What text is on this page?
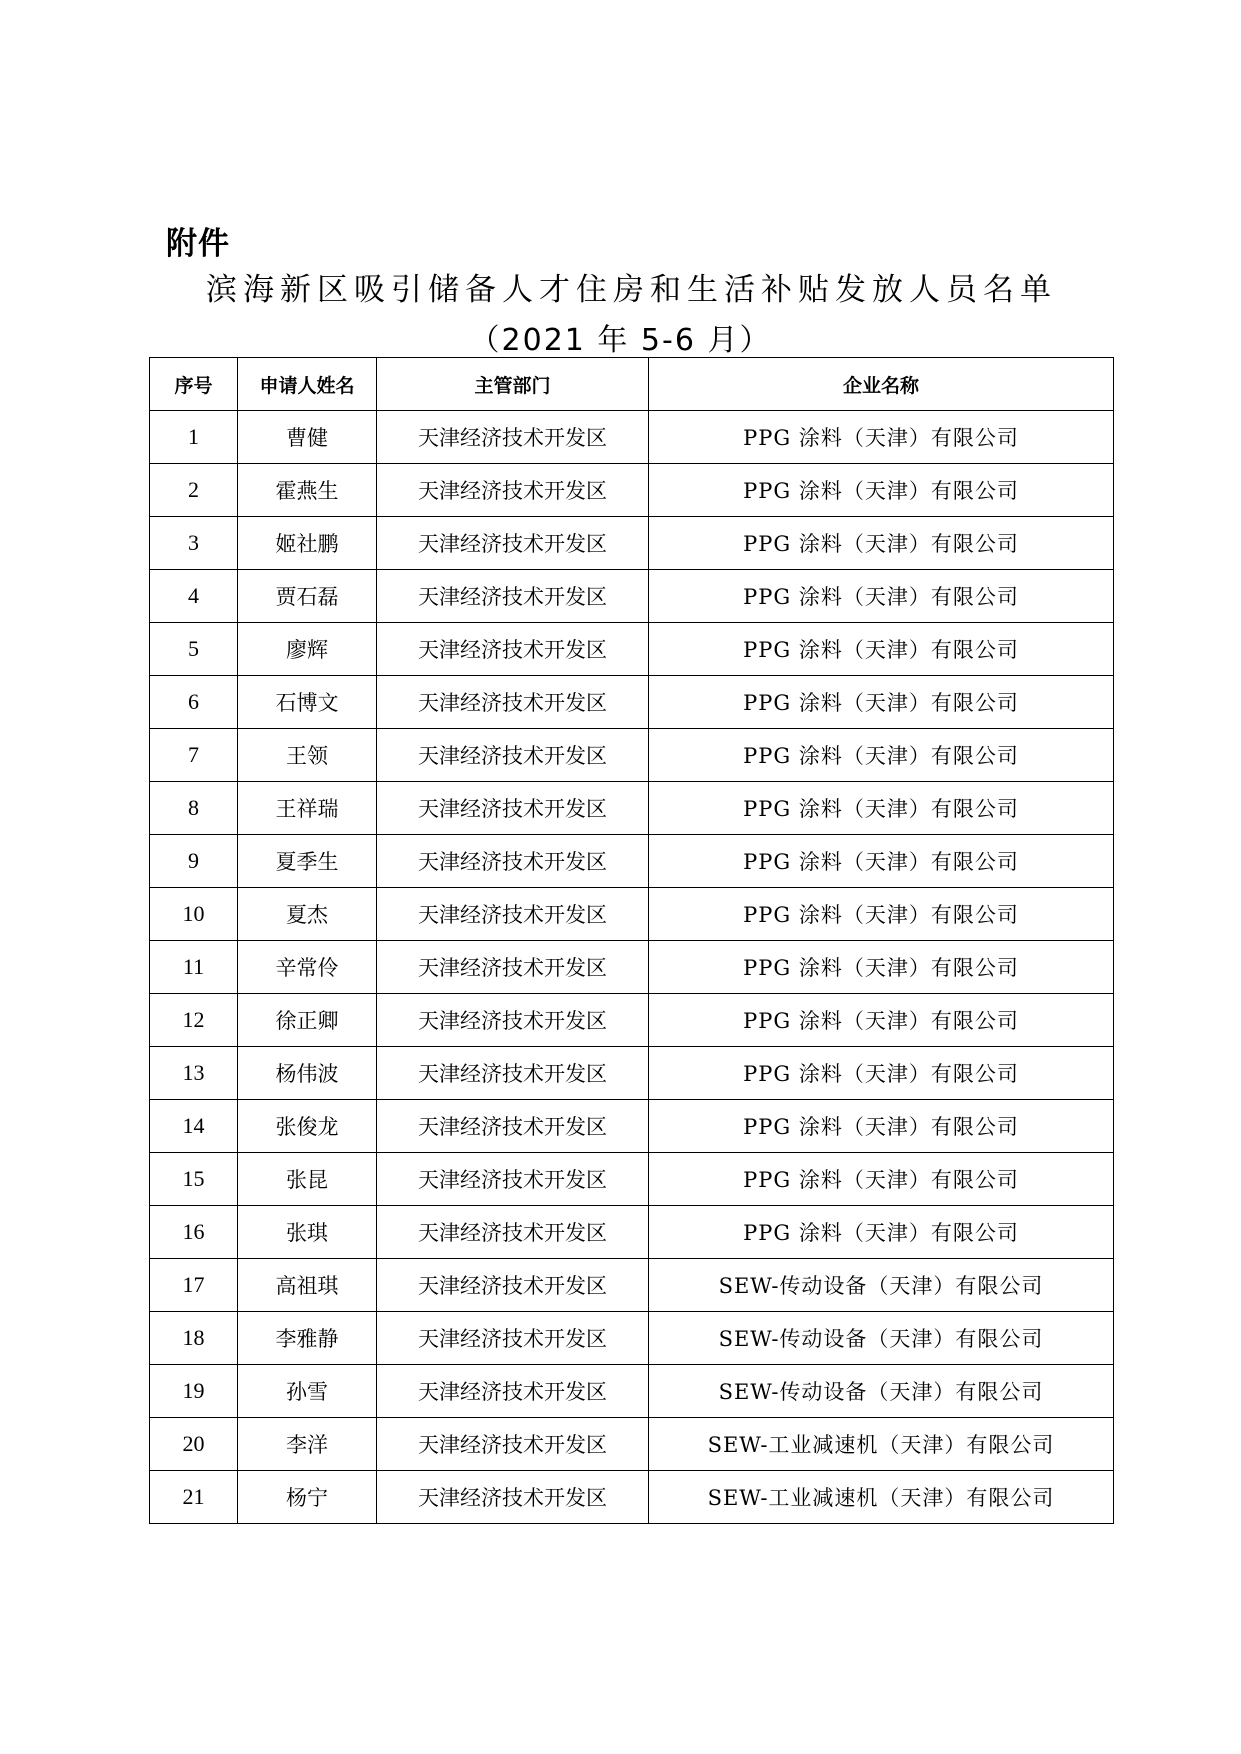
附件
滨海新区吸引储备人才住房和生活补贴发放人员名单
（2021 年 5-6 月）
序号	申请人姓名	主管部门	企业名称
1	曹健	天津经济技术开发区	PPG 涂料（天津）有限公司
2	霍燕生	天津经济技术开发区	PPG 涂料（天津）有限公司
3	姬社鹏	天津经济技术开发区	PPG 涂料（天津）有限公司
4	贾石磊	天津经济技术开发区	PPG 涂料（天津）有限公司
5	廖辉	天津经济技术开发区	PPG 涂料（天津）有限公司
6	石博文	天津经济技术开发区	PPG 涂料（天津）有限公司
7	王领	天津经济技术开发区	PPG 涂料（天津）有限公司
8	王祥瑞	天津经济技术开发区	PPG 涂料（天津）有限公司
9	夏季生	天津经济技术开发区	PPG 涂料（天津）有限公司
10	夏杰	天津经济技术开发区	PPG 涂料（天津）有限公司
11	辛常伶	天津经济技术开发区	PPG 涂料（天津）有限公司
12	徐正卿	天津经济技术开发区	PPG 涂料（天津）有限公司
13	杨伟波	天津经济技术开发区	PPG 涂料（天津）有限公司
14	张俊龙	天津经济技术开发区	PPG 涂料（天津）有限公司
15	张昆	天津经济技术开发区	PPG 涂料（天津）有限公司
16	张琪	天津经济技术开发区	PPG 涂料（天津）有限公司
17	高祖琪	天津经济技术开发区	SEW-传动设备（天津）有限公司
18	李雅静	天津经济技术开发区	SEW-传动设备（天津）有限公司
19	孙雪	天津经济技术开发区	SEW-传动设备（天津）有限公司
20	李洋	天津经济技术开发区	SEW-工业减速机（天津）有限公司
21	杨宁	天津经济技术开发区	SEW-工业减速机（天津）有限公司
